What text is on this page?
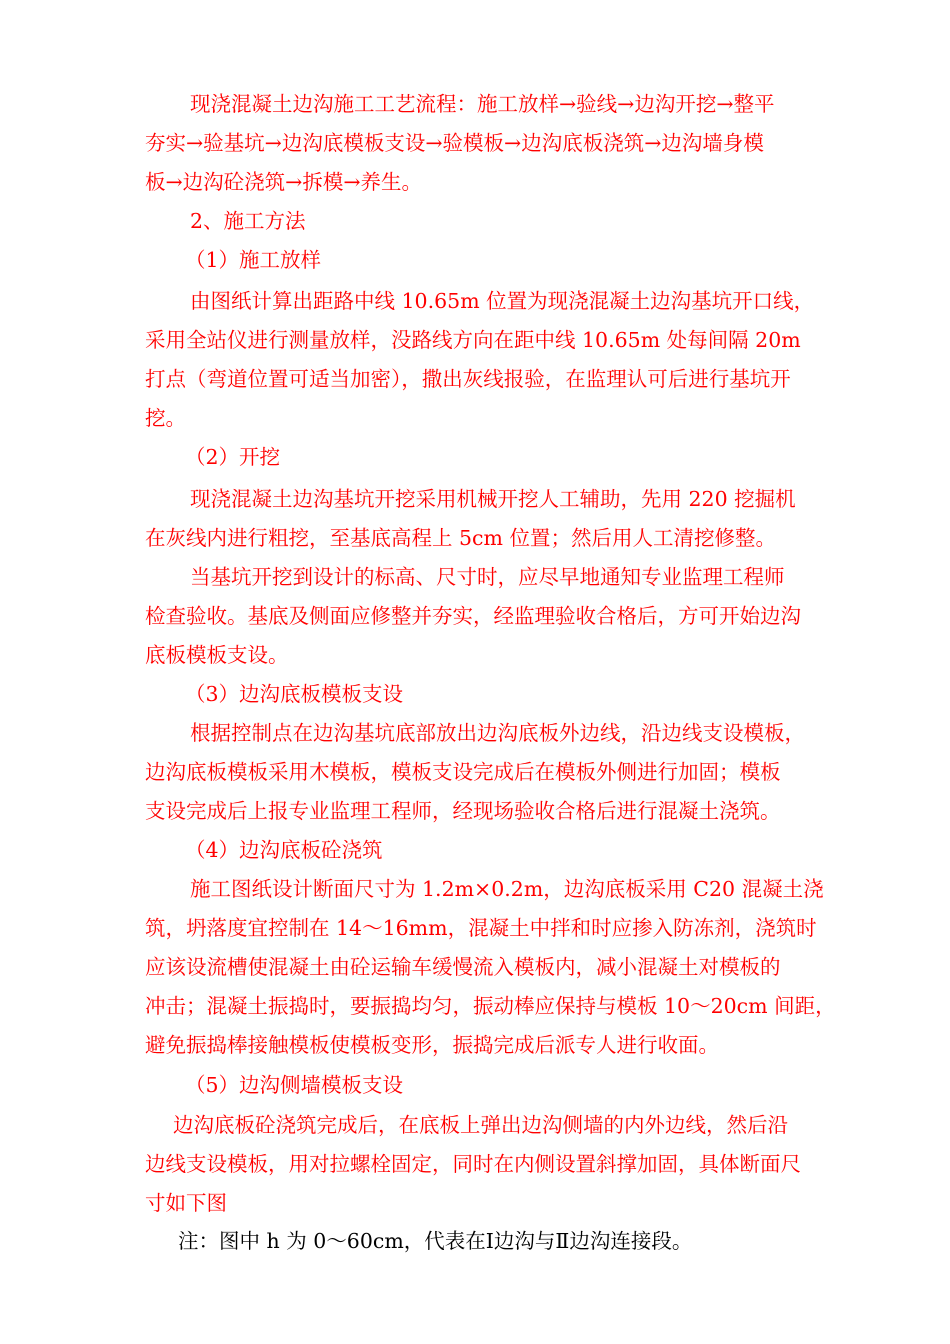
现浇混凝土边沟施工工艺流程：施工放样→验线→边沟开挖→整平
夯实→验基坑→边沟底模板支设→验模板→边沟底板浇筑→边沟墙身模
板→边沟砼浇筑→拆模→养生。
2、施工方法
（1）施工放样
由图纸计算出距路中线 10.65m 位置为现浇混凝土边沟基坑开口线，
采用全站仪进行测量放样，没路线方向在距中线 10.65m 处每间隔 20m
打点（弯道位置可适当加密），撒出灰线报验，在监理认可后进行基坑开
挖。
（2）开挖
现浇混凝土边沟基坑开挖采用机械开挖人工辅助，先用 220 挖掘机
在灰线内进行粗挖，至基底高程上 5cm 位置；然后用人工清挖修整。
当基坑开挖到设计的标高、尺寸时，应尽早地通知专业监理工程师
检查验收。基底及侧面应修整并夯实，经监理验收合格后，方可开始边沟
底板模板支设。
（3）边沟底板模板支设
根据控制点在边沟基坑底部放出边沟底板外边线，沿边线支设模板，
边沟底板模板采用木模板，模板支设完成后在模板外侧进行加固；模板
支设完成后上报专业监理工程师，经现场验收合格后进行混凝土浇筑。
（4）边沟底板砼浇筑
施工图纸设计断面尺寸为 1.2m×0.2m，边沟底板采用 C20 混凝土浇
筑，坍落度宜控制在 14～16mm，混凝土中拌和时应掺入防冻剂，浇筑时
应该设流槽使混凝土由砼运输车缓慢流入模板内，减小混凝土对模板的
冲击；混凝土振捣时，要振捣均匀，振动棒应保持与模板 10～20cm 间距，
避免振捣棒接触模板使模板变形，振捣完成后派专人进行收面。
（5）边沟侧墙模板支设
边沟底板砼浇筑完成后，在底板上弹出边沟侧墙的内外边线，然后沿
边线支设模板，用对拉螺栓固定，同时在内侧设置斜撑加固，具体断面尺
寸如下图
注：图中 h 为 0～60cm，代表在Ⅰ边沟与Ⅱ边沟连接段。
